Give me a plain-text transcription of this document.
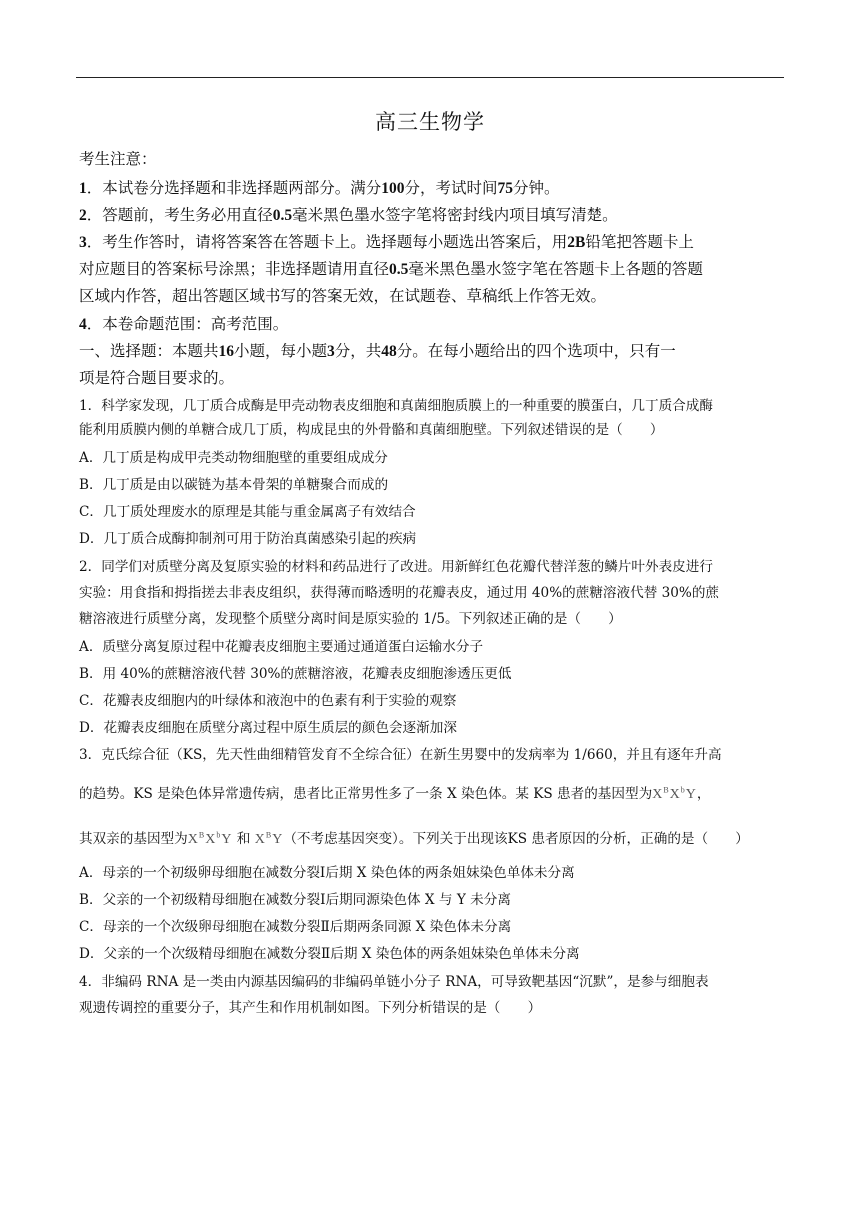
高三生物学
考生注意：
1．本试卷分选择题和非选择题两部分。满分100分，考试时间75分钟。
2．答题前，考生务必用直径0.5毫米黑色墨水签字笔将密封线内项目填写清楚。
3．考生作答时，请将答案答在答题卡上。选择题每小题选出答案后，用2B铅笔把答题卡上
对应题目的答案标号涂黑；非选择题请用直径0.5毫米黑色墨水签字笔在答题卡上各题的答题
区域内作答，超出答题区域书写的答案无效，在试题卷、草稿纸上作答无效。
4．本卷命题范围：高考范围。
一、选择题：本题共16小题，每小题3分，共48分。在每小题给出的四个选项中，只有一
项是符合题目要求的。
1．科学家发现，几丁质合成酶是甲壳动物表皮细胞和真菌细胞质膜上的一种重要的膜蛋白，几丁质合成酶
能利用质膜内侧的单糖合成几丁质，构成昆虫的外骨骼和真菌细胞壁。下列叙述错误的是（　　）
A．几丁质是构成甲壳类动物细胞壁的重要组成成分
B．几丁质是由以碳链为基本骨架的单糖聚合而成的
C．几丁质处理废水的原理是其能与重金属离子有效结合
D．几丁质合成酶抑制剂可用于防治真菌感染引起的疾病
2．同学们对质壁分离及复原实验的材料和药品进行了改进。用新鲜红色花瓣代替洋葱的鳞片叶外表皮进行
实验：用食指和拇指搓去非表皮组织，获得薄而略透明的花瓣表皮，通过用 40%的蔗糖溶液代替 30%的蔗
糖溶液进行质壁分离，发现整个质壁分离时间是原实验的 1/5。下列叙述正确的是（　　）
A．质壁分离复原过程中花瓣表皮细胞主要通过通道蛋白运输水分子
B．用 40%的蔗糖溶液代替 30%的蔗糖溶液，花瓣表皮细胞渗透压更低
C．花瓣表皮细胞内的叶绿体和液泡中的色素有利于实验的观察
D．花瓣表皮细胞在质壁分离过程中原生质层的颜色会逐渐加深
3．克氏综合征（KS，先天性曲细精管发育不全综合征）在新生男婴中的发病率为 1/660，并且有逐年升高
的趋势。KS 是染色体异常遗传病，患者比正常男性多了一条 X 染色体。某 KS 患者的基因型为$X^BX^bY$，
其双亲的基因型为$X^BX^bY$ 和 $X^BY$（不考虑基因突变）。下列关于出现该KS 患者原因的分析，正确的是（　　）
A．母亲的一个初级卵母细胞在减数分裂Ⅰ后期 X 染色体的两条姐妹染色单体未分离
B．父亲的一个初级精母细胞在减数分裂Ⅰ后期同源染色体 X 与 Y 未分离
C．母亲的一个次级卵母细胞在减数分裂Ⅱ后期两条同源 X 染色体未分离
D．父亲的一个次级精母细胞在减数分裂Ⅱ后期 X 染色体的两条姐妹染色单体未分离
4．非编码 RNA 是一类由内源基因编码的非编码单链小分子 RNA，可导致靶基因“沉默”，是参与细胞表
观遗传调控的重要分子，其产生和作用机制如图。下列分析错误的是（　　）
